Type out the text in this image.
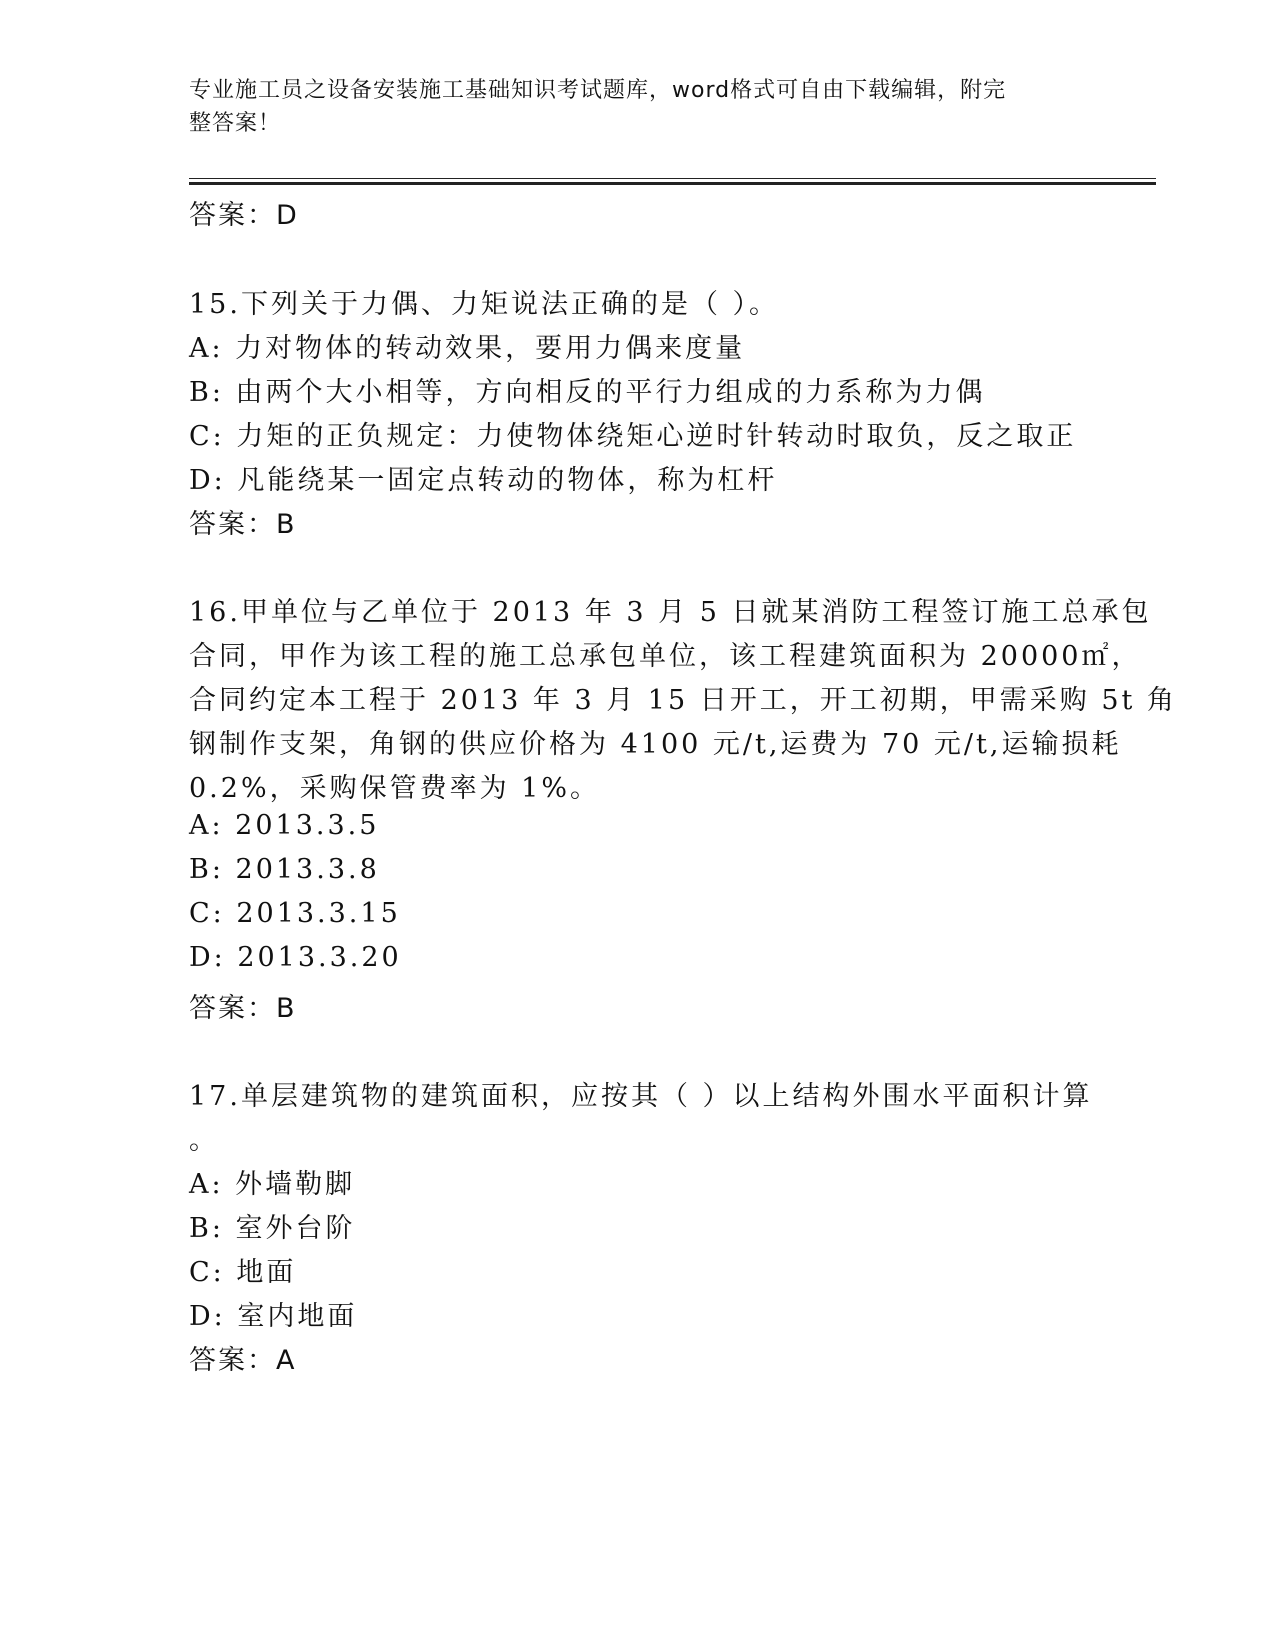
专业施工员之设备安装施工基础知识考试题库，word格式可自由下载编辑，附完
整答案！
答案：D
15.下列关于力偶、力矩说法正确的是（ ）。
A: 力对物体的转动效果，要用力偶来度量
B: 由两个大小相等，方向相反的平行力组成的力系称为力偶
C: 力矩的正负规定：力使物体绕矩心逆时针转动时取负，反之取正
D: 凡能绕某一固定点转动的物体，称为杠杆
答案：B
16.甲单位与乙单位于 2013 年 3 月 5 日就某消防工程签订施工总承包
合同，甲作为该工程的施工总承包单位，该工程建筑面积为 20000㎡，
合同约定本工程于 2013 年 3 月 15 日开工，开工初期，甲需采购 5t 角
钢制作支架，角钢的供应价格为 4100 元/t,运费为 70 元/t,运输损耗
0.2%，采购保管费率为 1%。
A: 2013.3.5
B: 2013.3.8
C: 2013.3.15
D: 2013.3.20
答案：B
17.单层建筑物的建筑面积，应按其（ ）以上结构外围水平面积计算
。
A: 外墙勒脚
B: 室外台阶
C: 地面
D: 室内地面
答案：A
